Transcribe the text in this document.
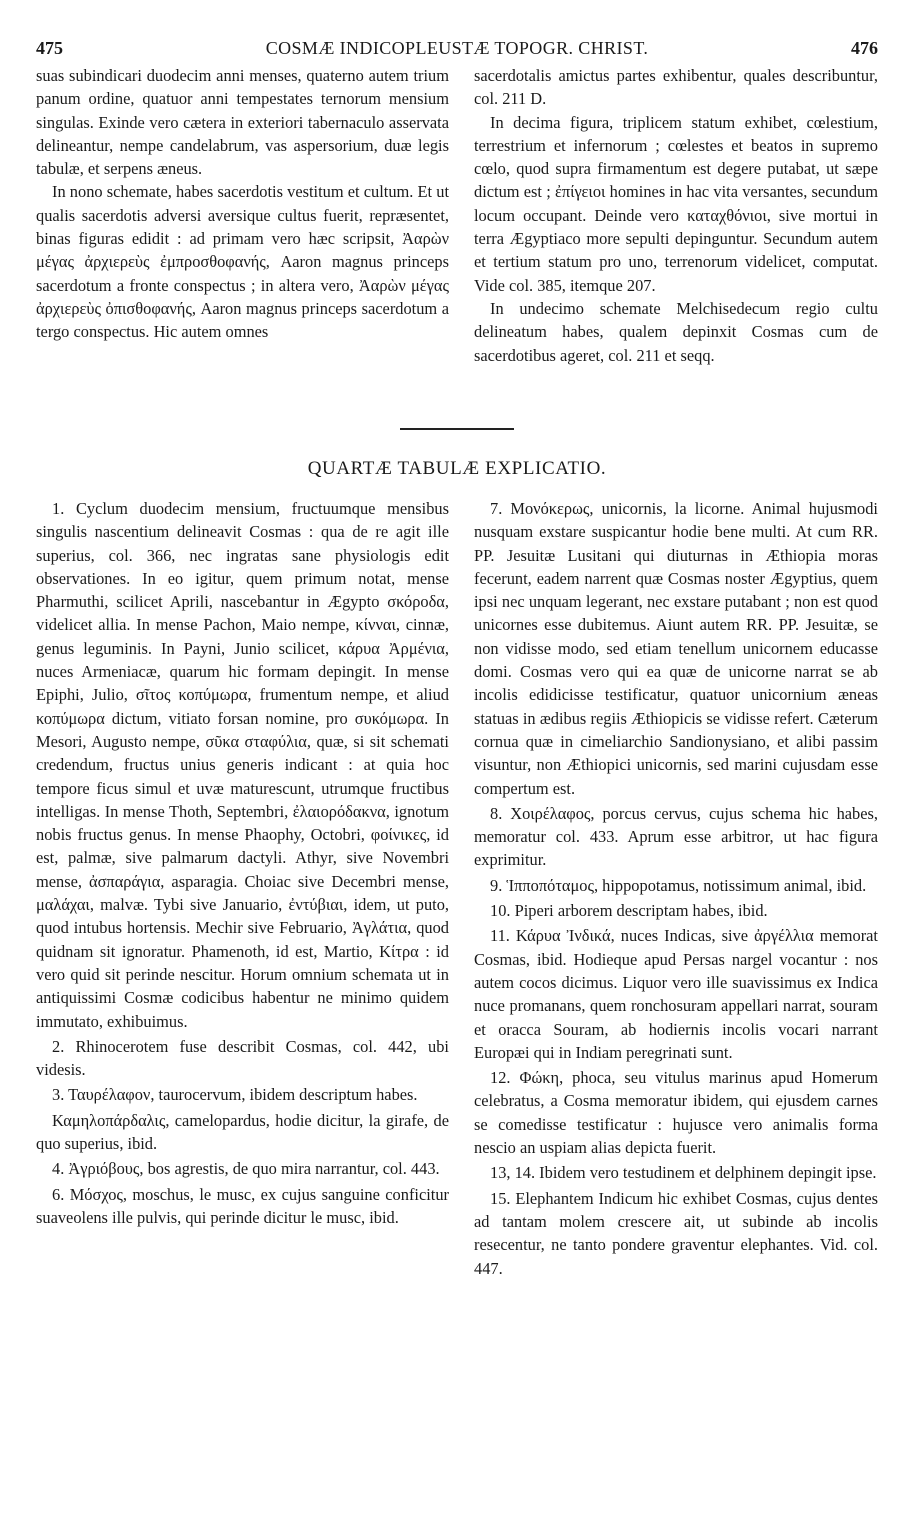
475	COSMÆ INDICOPLEUSTÆ TOPOGR. CHRIST.	476

suas subindicari duodecim anni menses, quaterno autem trium panum ordine, quatuor anni tempestates ternorum mensium singulas. Exinde vero cætera in exteriori tabernaculo asservata delineantur, nempe candelabrum, vas aspersorium, duæ legis tabulæ, et serpens æneus.

In nono schemate, habes sacerdotis vestitum et cultum. Et ut qualis sacerdotis adversi aversique cultus fuerit, repræsentet, binas figuras edidit : ad primam vero hæc scripsit, Ἀαρὼν μέγας ἀρχιερεὺς ἐμπροσθοφανής, Aaron magnus princeps sacerdotum a fronte conspectus ; in altera vero, Ἀαρὼν μέγας ἀρχιερεὺς ὀπισθοφανής, Aaron magnus princeps sacerdotum a tergo conspectus. Hic autem omnes

sacerdotalis amictus partes exhibentur, quales describuntur, col. 211 D.

In decima figura, triplicem statum exhibet, cœlestium, terrestrium et infernorum ; cœlestes et beatos in supremo cœlo, quod supra firmamentum est degere putabat, ut sæpe dictum est ; ἐπίγειοι homines in hac vita versantes, secundum locum occupant. Deinde vero καταχθόνιοι, sive mortui in terra Ægyptiaco more sepulti depinguntur. Secundum autem et tertium statum pro uno, terrenorum videlicet, computat. Vide col. 385, itemque 207.

In undecimo schemate Melchisedecum regio cultu delineatum habes, qualem depinxit Cosmas cum de sacerdotibus ageret, col. 211 et seqq.

QUARTÆ TABULÆ EXPLICATIO.

1. Cyclum duodecim mensium, fructuumque mensibus singulis nascentium delineavit Cosmas : qua de re agit ille superius, col. 366, nec ingratas sane physiologis edit observationes. In eo igitur, quem primum notat, mense Pharmuthi, scilicet Aprili, nascebantur in Ægypto σκόροδα, videlicet allia. In mense Pachon, Maio nempe, κίνναι, cinnæ, genus leguminis. In Payni, Junio scilicet, κάρυα Ἀρμένια, nuces Armeniacæ, quarum hic formam depingit. In mense Epiphi, Julio, σῖτος κοπύμωρα, frumentum nempe, et aliud κοπύμωρα dictum, vitiato forsan nomine, pro συκόμωρα. In Mesori, Augusto nempe, σῦκα σταφύλια, quæ, si sit schemati credendum, fructus unius generis indicant : at quia hoc tempore ficus simul et uvæ maturescunt, utrumque fructibus intelligas. In mense Thoth, Septembri, ἐλαιορόδακνα, ignotum nobis fructus genus. In mense Phaophy, Octobri, φοίνικες, id est, palmæ, sive palmarum dactyli. Athyr, sive Novembri mense, ἀσπαράγια, asparagia. Choiac sive Decembri mense, μαλάχαι, malvæ. Tybi sive Januario, ἐντύβιαι, idem, ut puto, quod intubus hortensis. Mechir sive Februario, Ἀγλάτια, quod quidnam sit ignoratur. Phamenoth, id est, Martio, Κίτρα : id vero quid sit perinde nescitur. Horum omnium schemata ut in antiquissimi Cosmæ codicibus habentur ne minimo quidem immutato, exhibuimus.

2. Rhinocerotem fuse describit Cosmas, col. 442, ubi videsis.

3. Ταυρέλαφον, taurocervum, ibidem descriptum habes.

Καμηλοπάρδαλις, camelopardus, hodie dicitur, la girafe, de quo superius, ibid.

4. Ἀγριόβους, bos agrestis, de quo mira narrantur, col. 443.

6. Μόσχος, moschus, le musc, ex cujus sanguine conficitur suaveolens ille pulvis, qui perinde dicitur le musc, ibid.

7. Μονόκερως, unicornis, la licorne. Animal hujusmodi nusquam exstare suspicantur hodie bene multi. At cum RR. PP. Jesuitæ Lusitani qui diuturnas in Æthiopia moras fecerunt, eadem narrent quæ Cosmas noster Ægyptius, quem ipsi nec unquam legerant, nec exstare putabant ; non est quod unicornes esse dubitemus. Aiunt autem RR. PP. Jesuitæ, se non vidisse modo, sed etiam tenellum unicornem educasse domi. Cosmas vero qui ea quæ de unicorne narrat se ab incolis edidicisse testificatur, quatuor unicornium æneas statuas in ædibus regiis Æthiopicis se vidisse refert. Cæterum cornua quæ in cimeliarchio Sandionysiano, et alibi passim visuntur, non Æthiopici unicornis, sed marini cujusdam esse compertum est.

8. Χοιρέλαφος, porcus cervus, cujus schema hic habes, memoratur col. 433. Aprum esse arbitror, ut hac figura exprimitur.

9. Ἱπποπόταμος, hippopotamus, notissimum animal, ibid.

10. Piperi arborem descriptam habes, ibid.

11. Κάρυα Ἰνδικά, nuces Indicas, sive ἀργέλλια memorat Cosmas, ibid. Hodieque apud Persas nargel vocantur : nos autem cocos dicimus. Liquor vero ille suavissimus ex Indica nuce promanans, quem ronchosuram appellari narrat, souram et oracca Souram, ab hodiernis incolis vocari narrant Europæi qui in Indiam peregrinati sunt.

12. Φώκη, phoca, seu vitulus marinus apud Homerum celebratus, a Cosma memoratur ibidem, qui ejusdem carnes se comedisse testificatur : hujusce vero animalis forma nescio an uspiam alias depicta fuerit.

13, 14. Ibidem vero testudinem et delphinem depingit ipse.

15. Elephantem Indicum hic exhibet Cosmas, cujus dentes ad tantam molem crescere ait, ut subinde ab incolis resecentur, ne tanto pondere graventur elephantes. Vid. col. 447.
